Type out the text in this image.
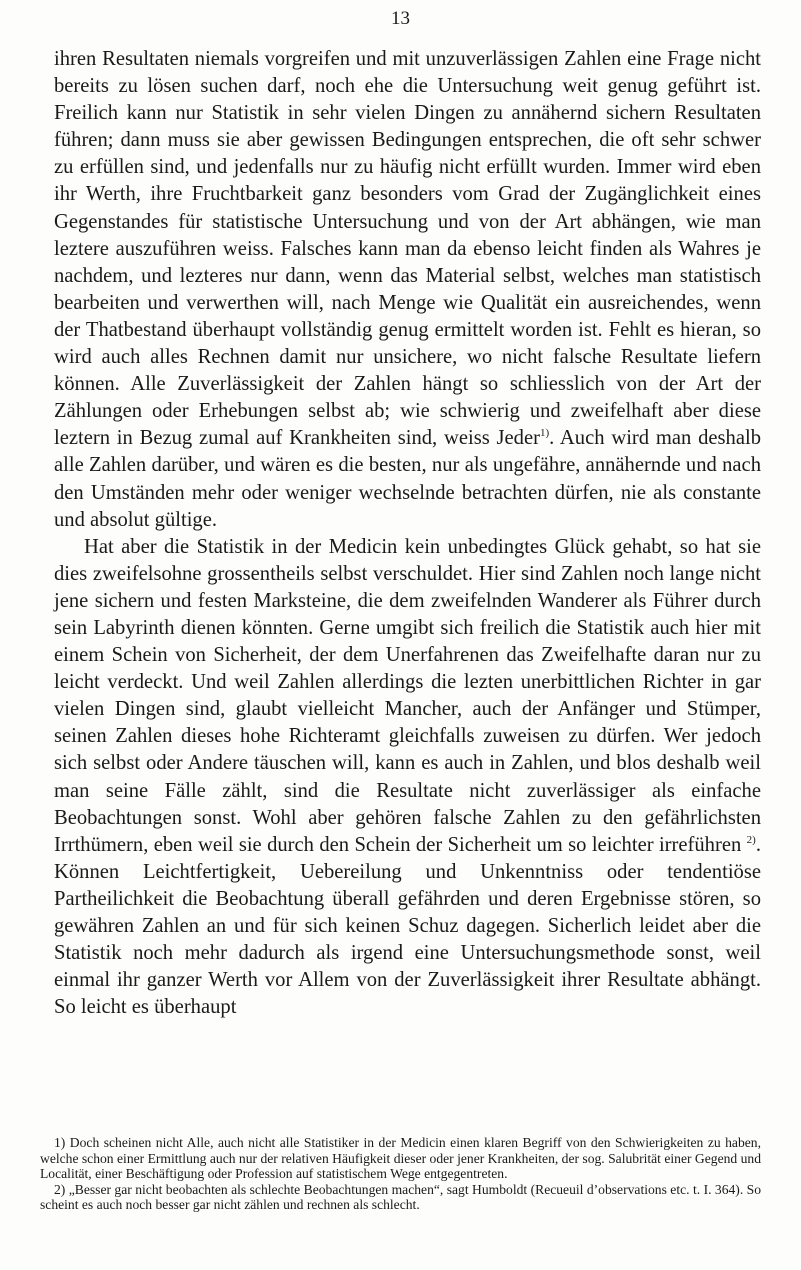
13

ihren Resultaten niemals vorgreifen und mit unzuverlässigen Zahlen eine Frage nicht bereits zu lösen suchen darf, noch ehe die Untersuchung weit genug geführt ist. Freilich kann nur Statistik in sehr vielen Dingen zu annähernd sichern Resultaten führen; dann muss sie aber gewissen Bedingungen entsprechen, die oft sehr schwer zu erfüllen sind, und jedenfalls nur zu häufig nicht erfüllt wurden. Immer wird eben ihr Werth, ihre Fruchtbarkeit ganz besonders vom Grad der Zugänglichkeit eines Gegenstandes für statistische Untersuchung und von der Art abhängen, wie man leztere auszuführen weiss. Falsches kann man da ebenso leicht finden als Wahres je nachdem, und lezteres nur dann, wenn das Material selbst, welches man statistisch bearbeiten und verwerthen will, nach Menge wie Qualität ein ausreichendes, wenn der Thatbestand überhaupt vollständig genug ermittelt worden ist. Fehlt es hieran, so wird auch alles Rechnen damit nur unsichere, wo nicht falsche Resultate liefern können. Alle Zuverlässigkeit der Zahlen hängt so schliesslich von der Art der Zählungen oder Erhebungen selbst ab; wie schwierig und zweifelhaft aber diese leztern in Bezug zumal auf Krankheiten sind, weiss Jeder$^{1)}$. Auch wird man deshalb alle Zahlen darüber, und wären es die besten, nur als ungefähre, annähernde und nach den Umständen mehr oder weniger wechselnde betrachten dürfen, nie als constante und absolut gültige.

Hat aber die Statistik in der Medicin kein unbedingtes Glück gehabt, so hat sie dies zweifelsohne grossentheils selbst verschuldet. Hier sind Zahlen noch lange nicht jene sichern und festen Marksteine, die dem zweifelnden Wanderer als Führer durch sein Labyrinth dienen könnten. Gerne umgibt sich freilich die Statistik auch hier mit einem Schein von Sicherheit, der dem Unerfahrenen das Zweifelhafte daran nur zu leicht verdeckt. Und weil Zahlen allerdings die lezten unerbittlichen Richter in gar vielen Dingen sind, glaubt vielleicht Mancher, auch der Anfänger und Stümper, seinen Zahlen dieses hohe Richteramt gleichfalls zuweisen zu dürfen. Wer jedoch sich selbst oder Andere täuschen will, kann es auch in Zahlen, und blos deshalb weil man seine Fälle zählt, sind die Resultate nicht zuverlässiger als einfache Beobachtungen sonst. Wohl aber gehören falsche Zahlen zu den gefährlichsten Irrthümern, eben weil sie durch den Schein der Sicherheit um so leichter irreführen $^{2)}$. Können Leichtfertigkeit, Uebereilung und Unkenntniss oder tendentiöse Partheilichkeit die Beobachtung überall gefährden und deren Ergebnisse stören, so gewähren Zahlen an und für sich keinen Schuz dagegen. Sicherlich leidet aber die Statistik noch mehr dadurch als irgend eine Untersuchungsmethode sonst, weil einmal ihr ganzer Werth vor Allem von der Zuverlässigkeit ihrer Resultate abhängt. So leicht es überhaupt

1) Doch scheinen nicht Alle, auch nicht alle Statistiker in der Medicin einen klaren Begriff von den Schwierigkeiten zu haben, welche schon einer Ermittlung auch nur der relativen Häufigkeit dieser oder jener Krankheiten, der sog. Salubrität einer Gegend und Localität, einer Beschäftigung oder Profession auf statistischem Wege entgegentreten.

2) „Besser gar nicht beobachten als schlechte Beobachtungen machen“, sagt Humboldt (Recueuil d’observations etc. t. I. 364). So scheint es auch noch besser gar nicht zählen und rechnen als schlecht.
